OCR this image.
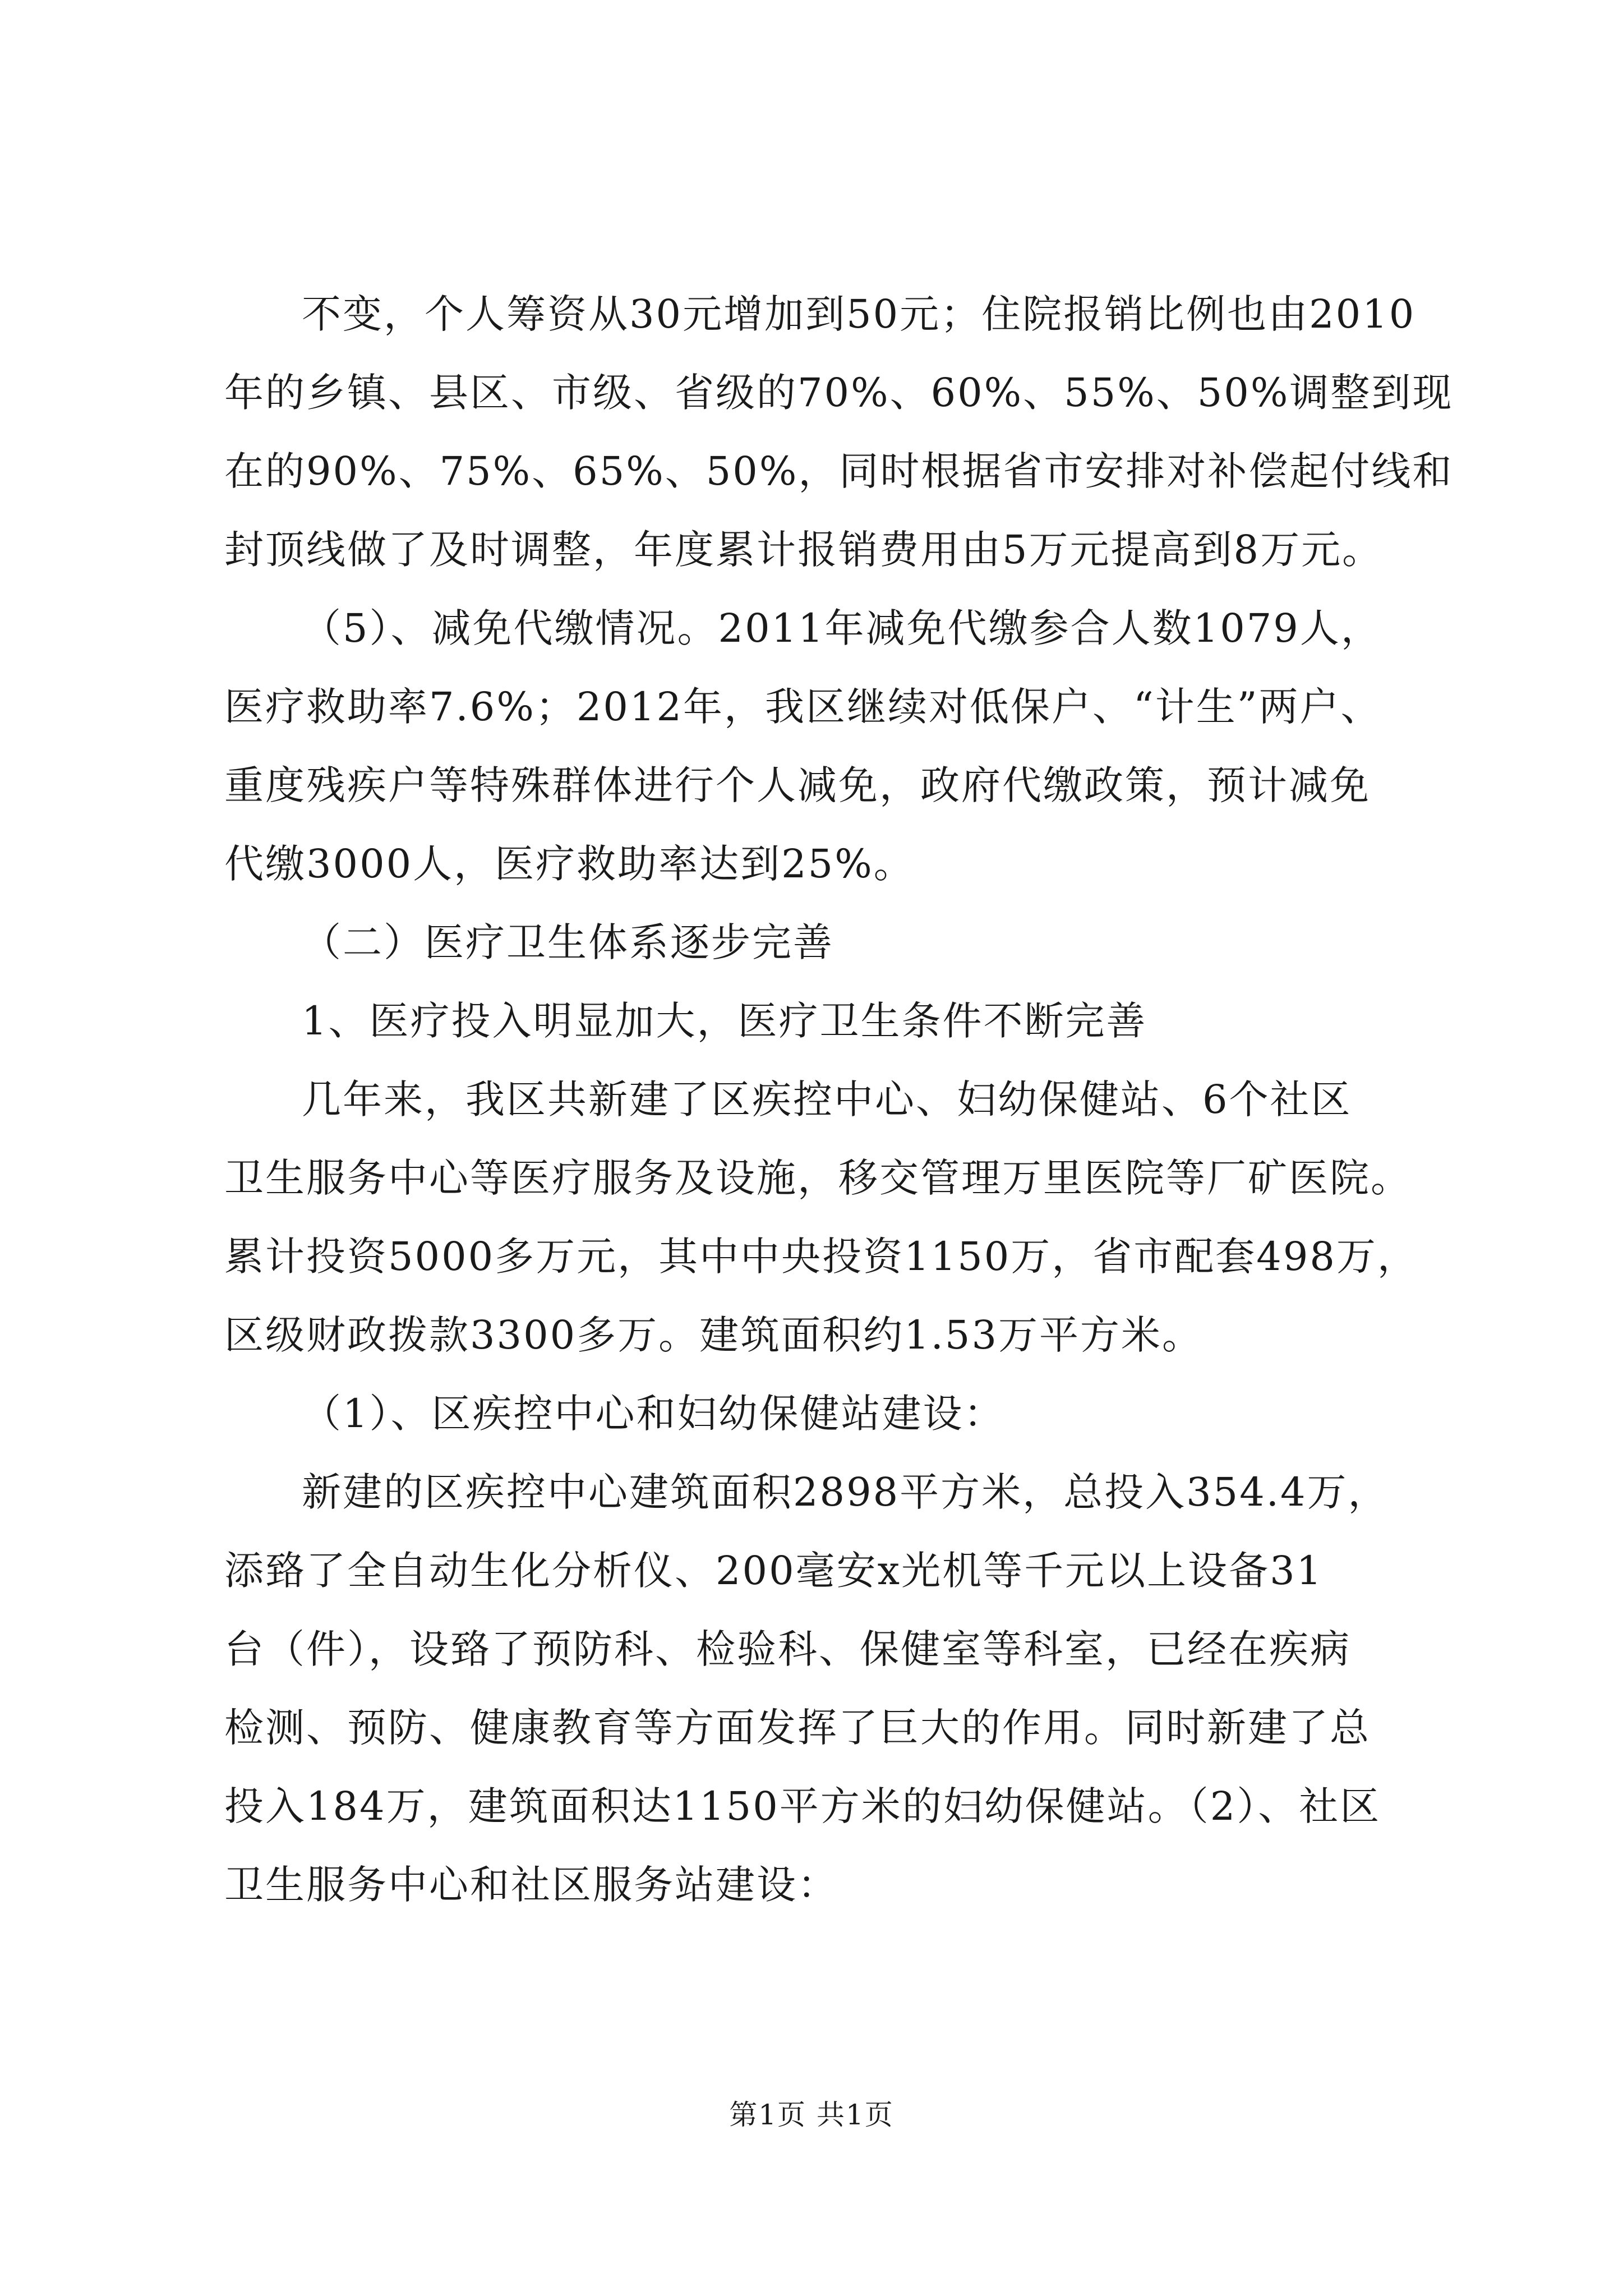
不变，个人筹资从30元增加到50元；住院报销比例也由2010

年的乡镇、县区、市级、省级的70%、60%、55%、50%调整到现

在的90%、75%、65%、50%，同时根据省市安排对补偿起付线和

封顶线做了及时调整，年度累计报销费用由5万元提高到8万元。

（5）、减免代缴情况。2011年减免代缴参合人数1079人，

医疗救助率7.6%；2012年，我区继续对低保户、“计生”两户、

重度残疾户等特殊群体进行个人减免，政府代缴政策，预计减免

代缴3000人，医疗救助率达到25%。

（二）医疗卫生体系逐步完善

1、医疗投入明显加大，医疗卫生条件不断完善

几年来，我区共新建了区疾控中心、妇幼保健站、6个社区

卫生服务中心等医疗服务及设施，移交管理万里医院等厂矿医院。

累计投资5000多万元，其中中央投资1150万，省市配套498万，

区级财政拨款3300多万。建筑面积约1.53万平方米。

（1）、区疾控中心和妇幼保健站建设：

新建的区疾控中心建筑面积2898平方米，总投入354.4万，

添臵了全自动生化分析仪、200毫安x光机等千元以上设备31

台（件），设臵了预防科、检验科、保健室等科室，已经在疾病

检测、预防、健康教育等方面发挥了巨大的作用。同时新建了总

投入184万，建筑面积达1150平方米的妇幼保健站。（2）、社区

卫生服务中心和社区服务站建设：

第1页 共1页
